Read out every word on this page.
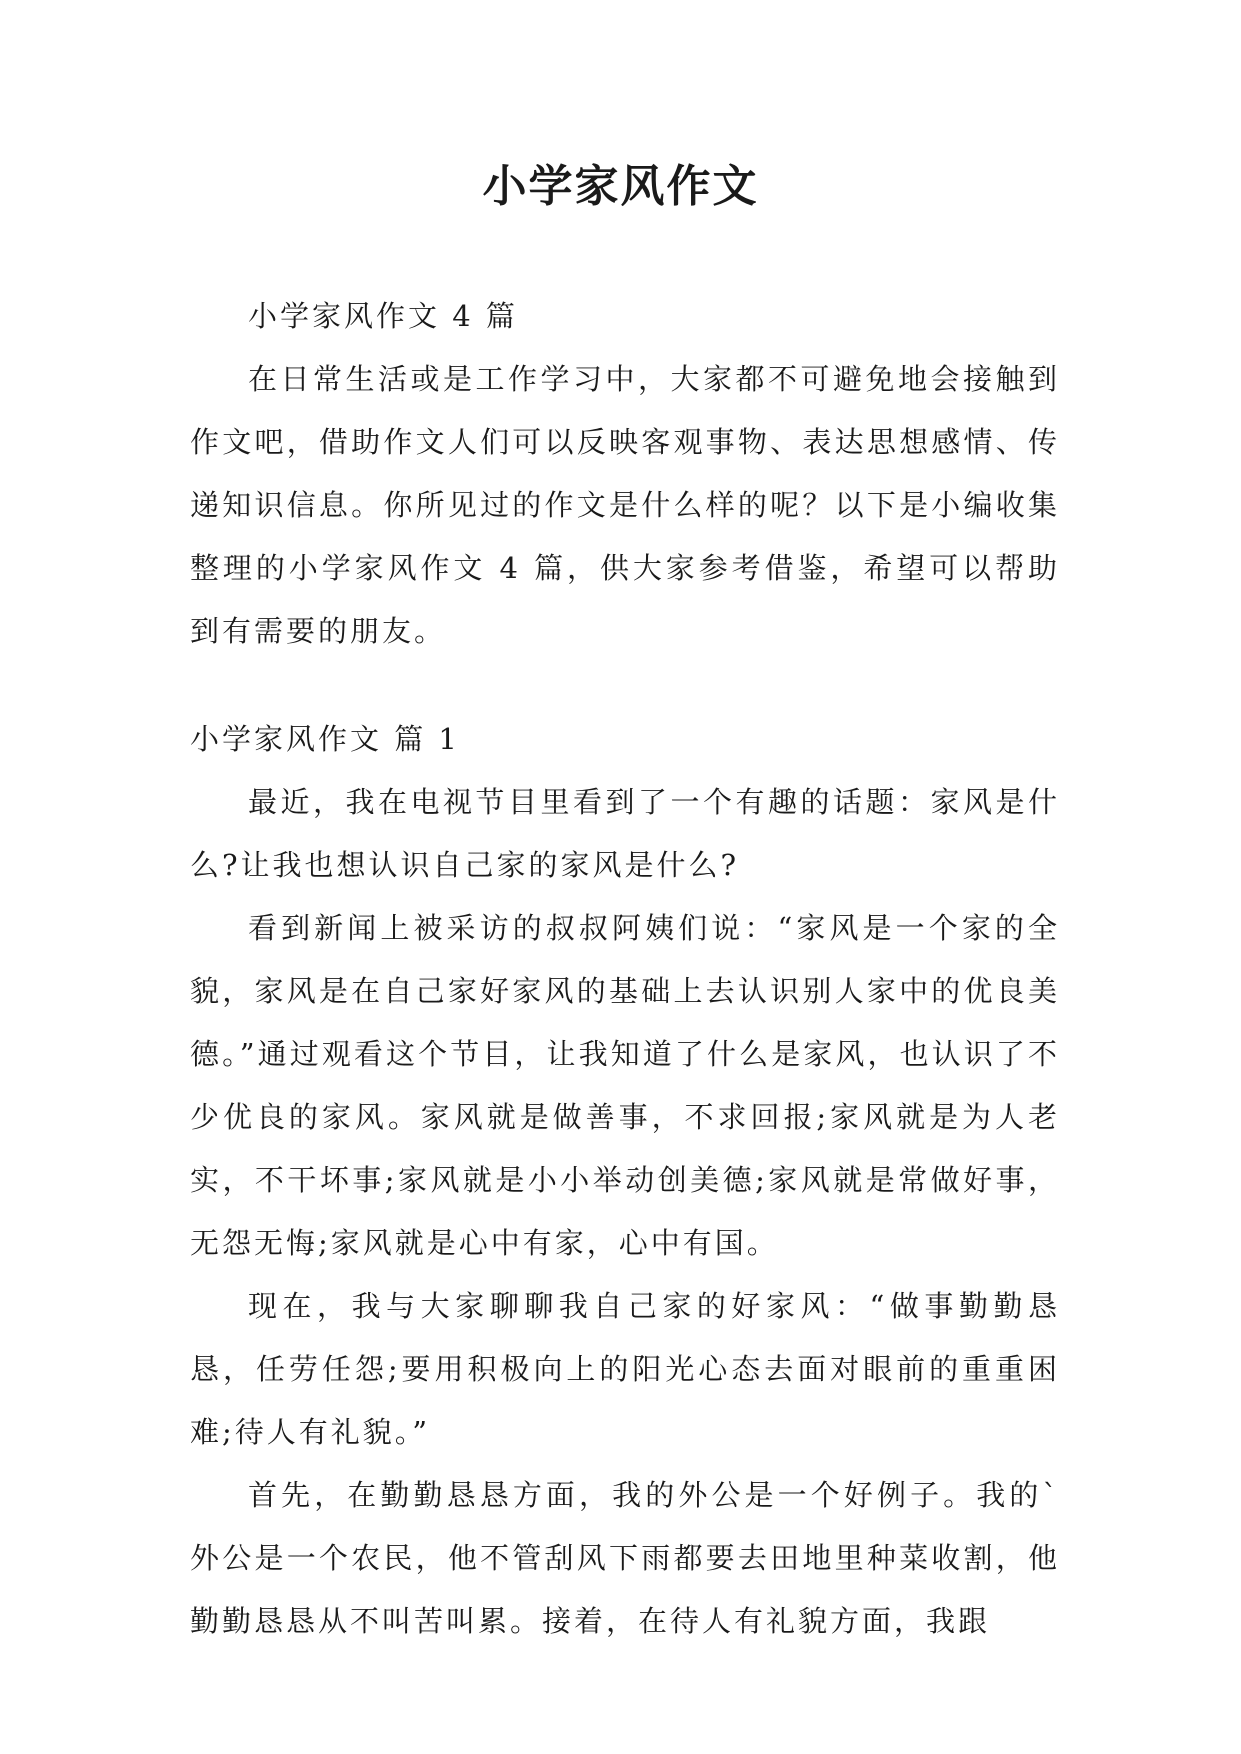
小学家风作文

小学家风作文 4 篇

在日常生活或是工作学习中，大家都不可避免地会接触到作文吧，借助作文人们可以反映客观事物、表达思想感情、传递知识信息。你所见过的作文是什么样的呢？以下是小编收集整理的小学家风作文 4 篇，供大家参考借鉴，希望可以帮助到有需要的朋友。

小学家风作文 篇 1

最近，我在电视节目里看到了一个有趣的话题：家风是什么?让我也想认识自己家的家风是什么?

看到新闻上被采访的叔叔阿姨们说：“家风是一个家的全貌，家风是在自己家好家风的基础上去认识别人家中的优良美德。”通过观看这个节目，让我知道了什么是家风，也认识了不少优良的家风。家风就是做善事，不求回报;家风就是为人老实，不干坏事;家风就是小小举动创美德;家风就是常做好事，无怨无悔;家风就是心中有家，心中有国。

现在，我与大家聊聊我自己家的好家风：“做事勤勤恳恳，任劳任怨;要用积极向上的阳光心态去面对眼前的重重困难;待人有礼貌。”

首先，在勤勤恳恳方面，我的外公是一个好例子。我的`外公是一个农民，他不管刮风下雨都要去田地里种菜收割，他勤勤恳恳从不叫苦叫累。接着，在待人有礼貌方面，我跟
